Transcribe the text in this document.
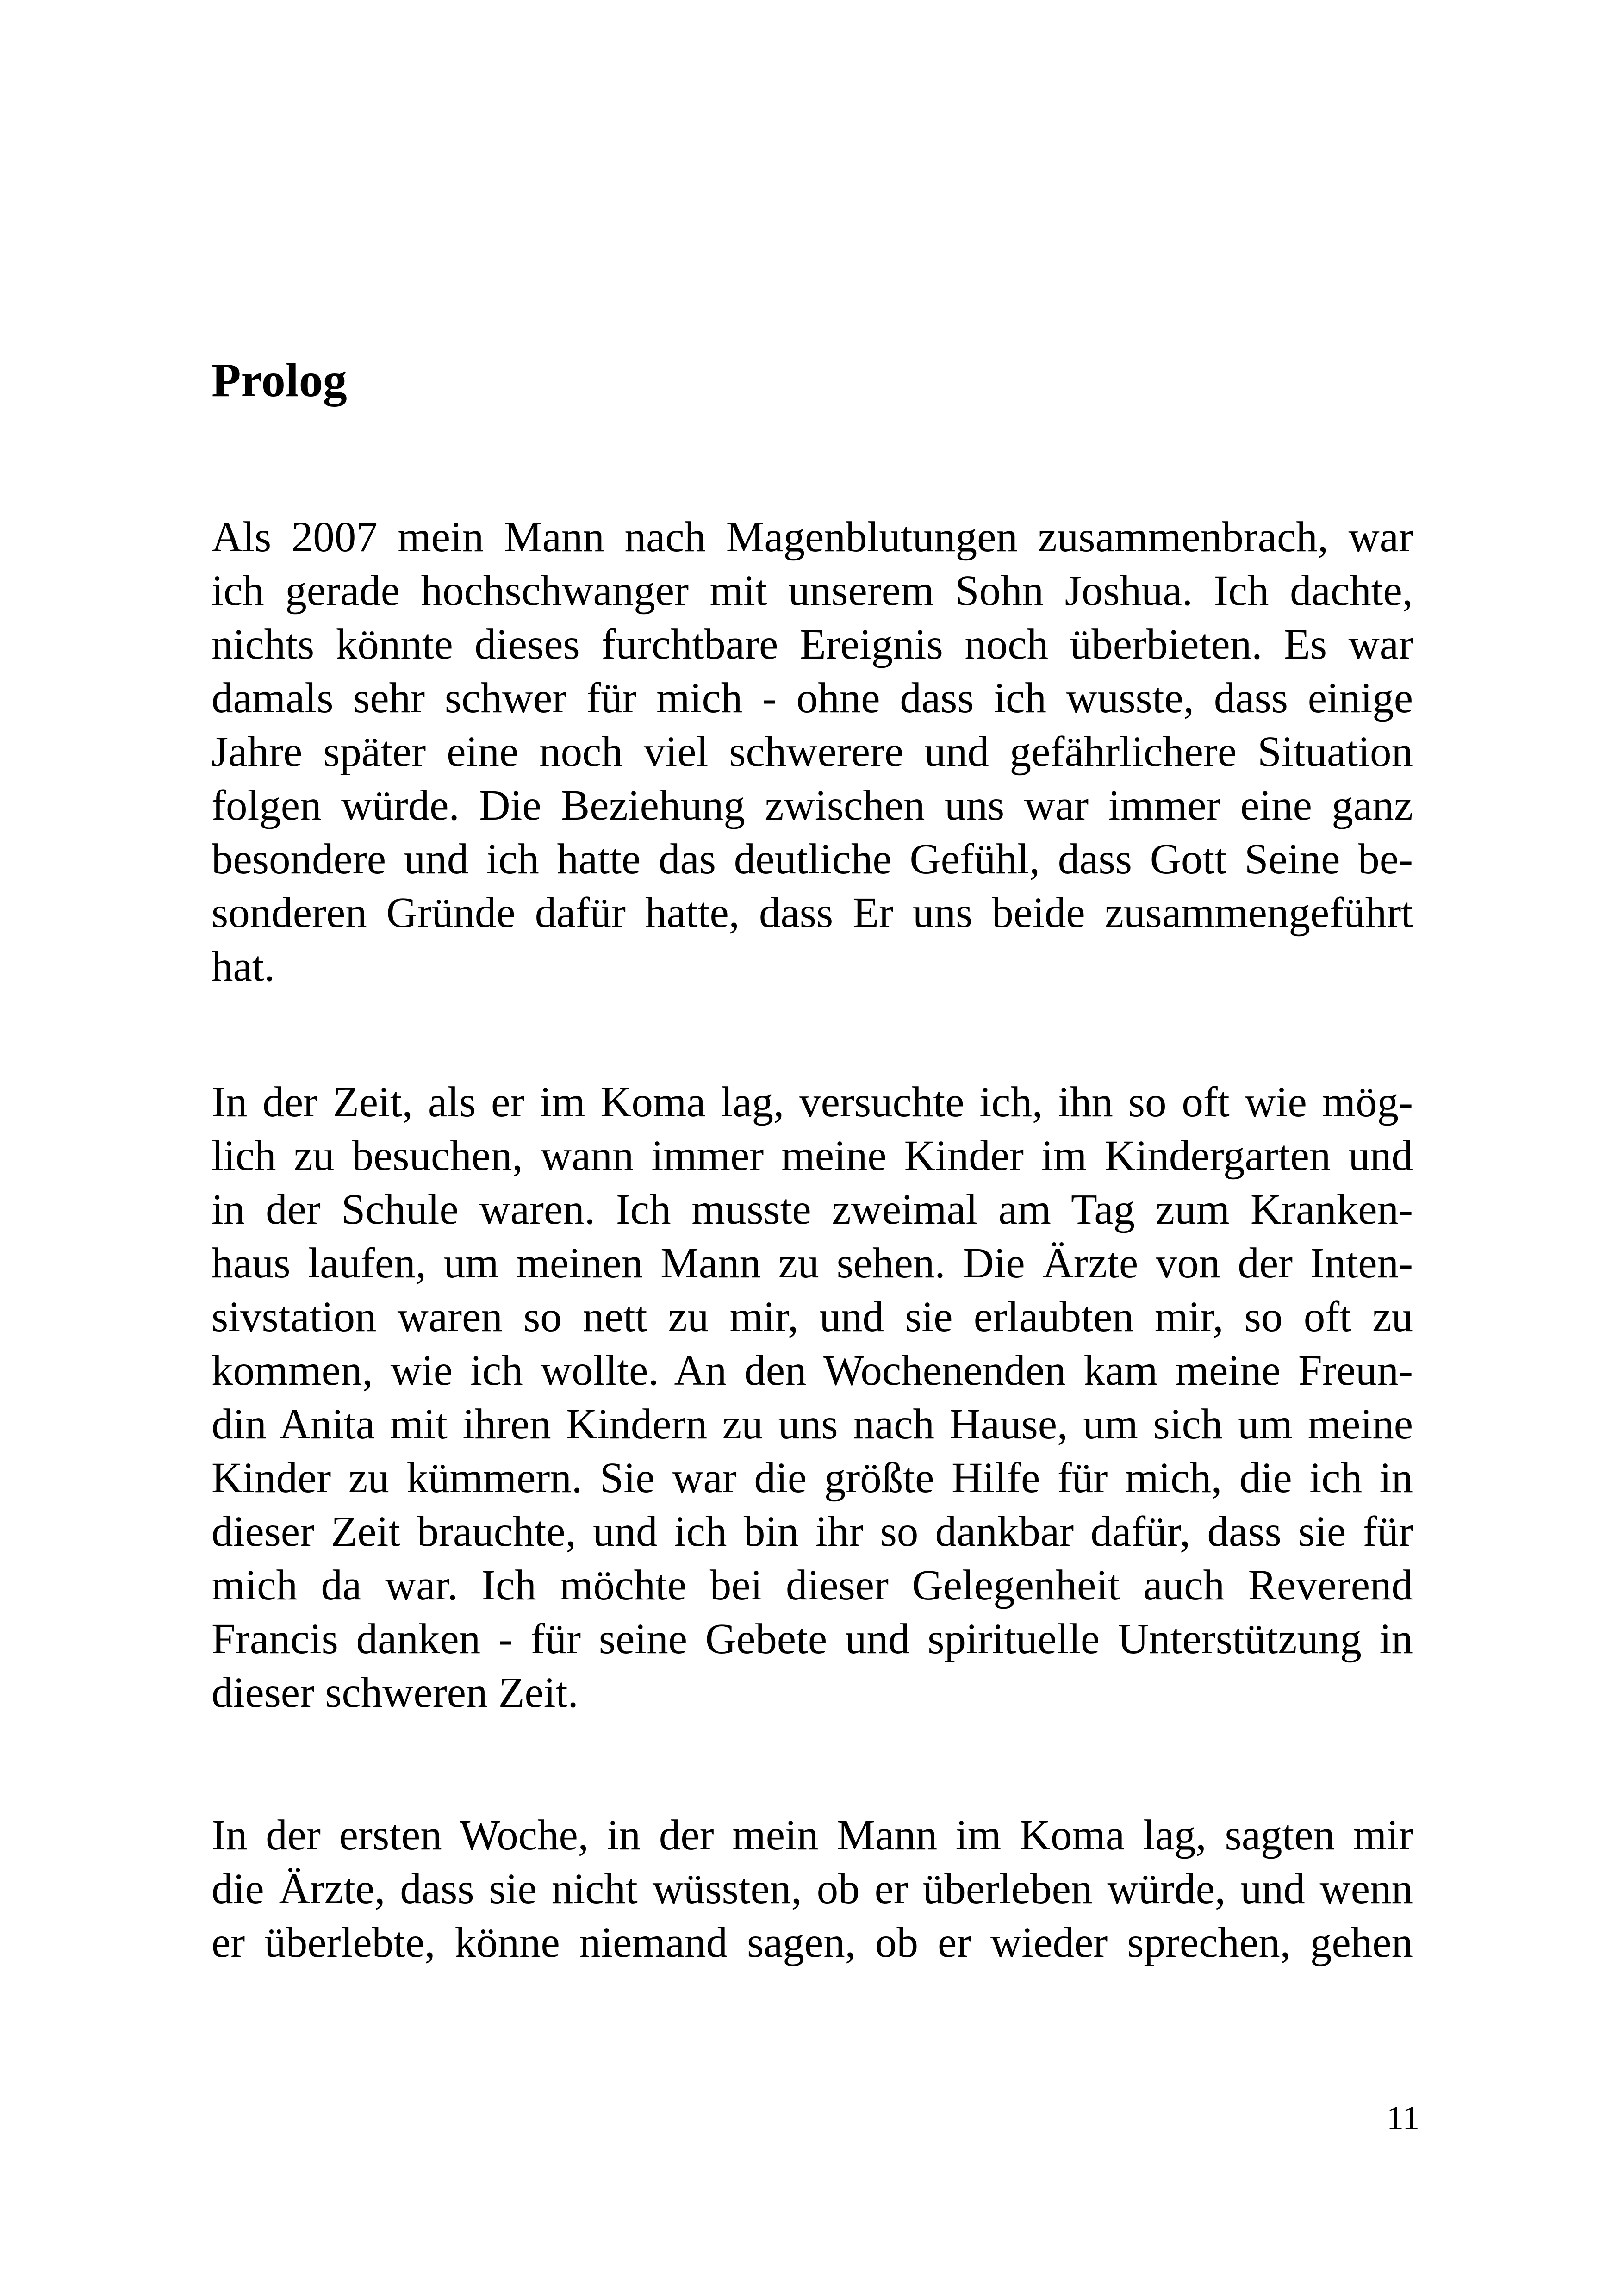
Prolog
Als 2007 mein Mann nach Magenblutungen zusammenbrach, war
ich gerade hochschwanger mit unserem Sohn Joshua. Ich dachte,
nichts könnte dieses furchtbare Ereignis noch überbieten. Es war
damals sehr schwer für mich - ohne dass ich wusste, dass einige
Jahre später eine noch viel schwerere und gefährlichere Situation
folgen würde. Die Beziehung zwischen uns war immer eine ganz
besondere und ich hatte das deutliche Gefühl, dass Gott Seine be-
sonderen Gründe dafür hatte, dass Er uns beide zusammengeführt
hat.
In der Zeit, als er im Koma lag, versuchte ich, ihn so oft wie mög-
lich zu besuchen, wann immer meine Kinder im Kindergarten und
in der Schule waren. Ich musste zweimal am Tag zum Kranken-
haus laufen, um meinen Mann zu sehen. Die Ärzte von der Inten-
sivstation waren so nett zu mir, und sie erlaubten mir, so oft zu
kommen, wie ich wollte. An den Wochenenden kam meine Freun-
din Anita mit ihren Kindern zu uns nach Hause, um sich um meine
Kinder zu kümmern. Sie war die größte Hilfe für mich, die ich in
dieser Zeit brauchte, und ich bin ihr so dankbar dafür, dass sie für
mich da war. Ich möchte bei dieser Gelegenheit auch Reverend
Francis danken - für seine Gebete und spirituelle Unterstützung in
dieser schweren Zeit.
In der ersten Woche, in der mein Mann im Koma lag, sagten mir
die Ärzte, dass sie nicht wüssten, ob er überleben würde, und wenn
er überlebte, könne niemand sagen, ob er wieder sprechen, gehen
11
